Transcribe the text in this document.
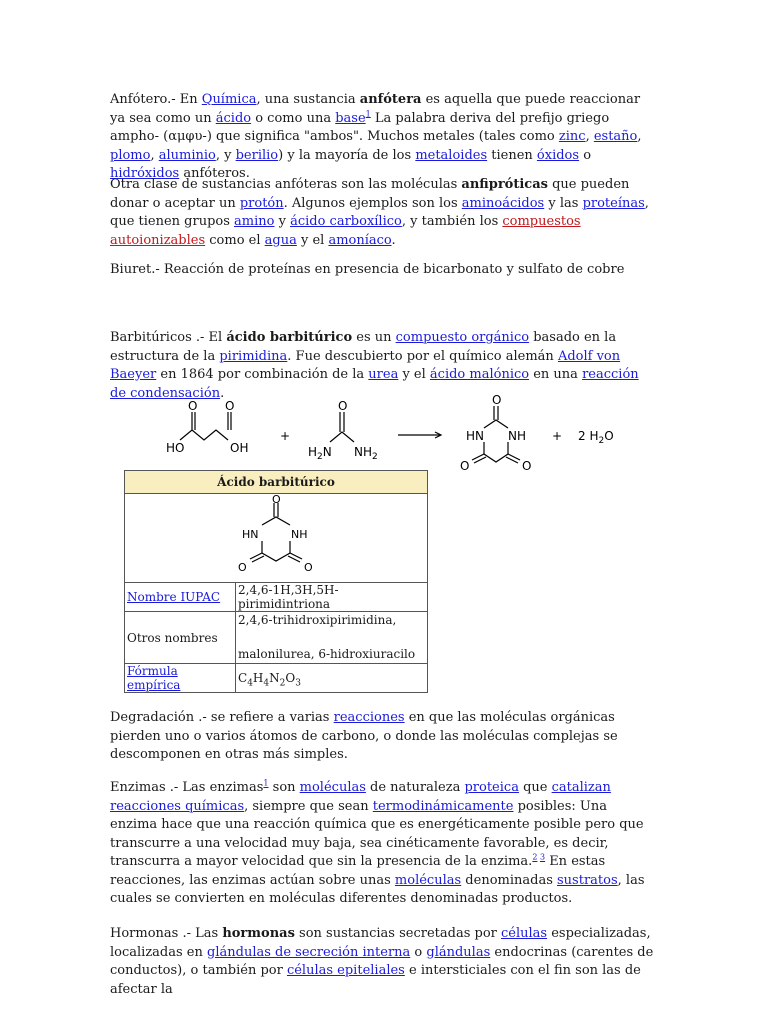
Anfótero.- En Química, una sustancia anfótera es aquella que puede reaccionar ya sea como un ácido o como una base$^1$ La palabra deriva del prefijo griego ampho- (αμφυ-) que significa "ambos". Muchos metales (tales como zinc, estaño, plomo, aluminio, y berilio) y la mayoría de los metaloides tienen óxidos o hidróxidos anfóteros.

Otra clase de sustancias anfóteras son las moléculas anfipróticas que pueden donar o aceptar un protón. Algunos ejemplos son los aminoácidos y las proteínas, que tienen grupos amino y ácido carboxílico, y también los compuestos autoionizables como el agua y el amoníaco.

Biuret.- Reacción de proteínas en presencia de bicarbonato y sulfato de cobre

Barbitúricos .- El ácido barbitúrico es un compuesto orgánico basado en la estructura de la pirimidina. Fue descubierto por el químico alemán Adolf von Baeyer en 1864 por combinación de la urea y el ácido malónico en una reacción de condensación.

O O
HO	OH
+
O
$H_2N$ $NH_2$
O
HN NH
O	O
+ 2 $H_2O$
Ácido barbitúrico	

O
HN NH
O O	

Nombre IUPAC	2,4,6-1H,3H,5H-pirimidintriona
Otros nombres	2,4,6-trihidroxipirimidina,

malonilurea, 6-hidroxiuracilo
Fórmula empírica	$C_4H_4N_2O_3$

Degradación .- se refiere a varias reacciones en que las moléculas orgánicas pierden uno o varios átomos de carbono, o donde las moléculas complejas se descomponen en otras más simples.

Enzimas .- Las enzimas$^1$ son moléculas de naturaleza proteica que catalizan reacciones químicas, siempre que sean termodinámicamente posibles: Una enzima hace que una reacción química que es energéticamente posible pero que transcurre a una velocidad muy baja, sea cinéticamente favorable, es decir, transcurra a mayor velocidad que sin la presencia de la enzima.$^{2 3}$ En estas reacciones, las enzimas actúan sobre unas moléculas denominadas sustratos, las cuales se convierten en moléculas diferentes denominadas productos.

Hormonas .- Las hormonas son sustancias secretadas por células especializadas, localizadas en glándulas de secreción interna o glándulas endocrinas (carentes de conductos), o también por células epiteliales e intersticiales con el fin son las de afectar la
